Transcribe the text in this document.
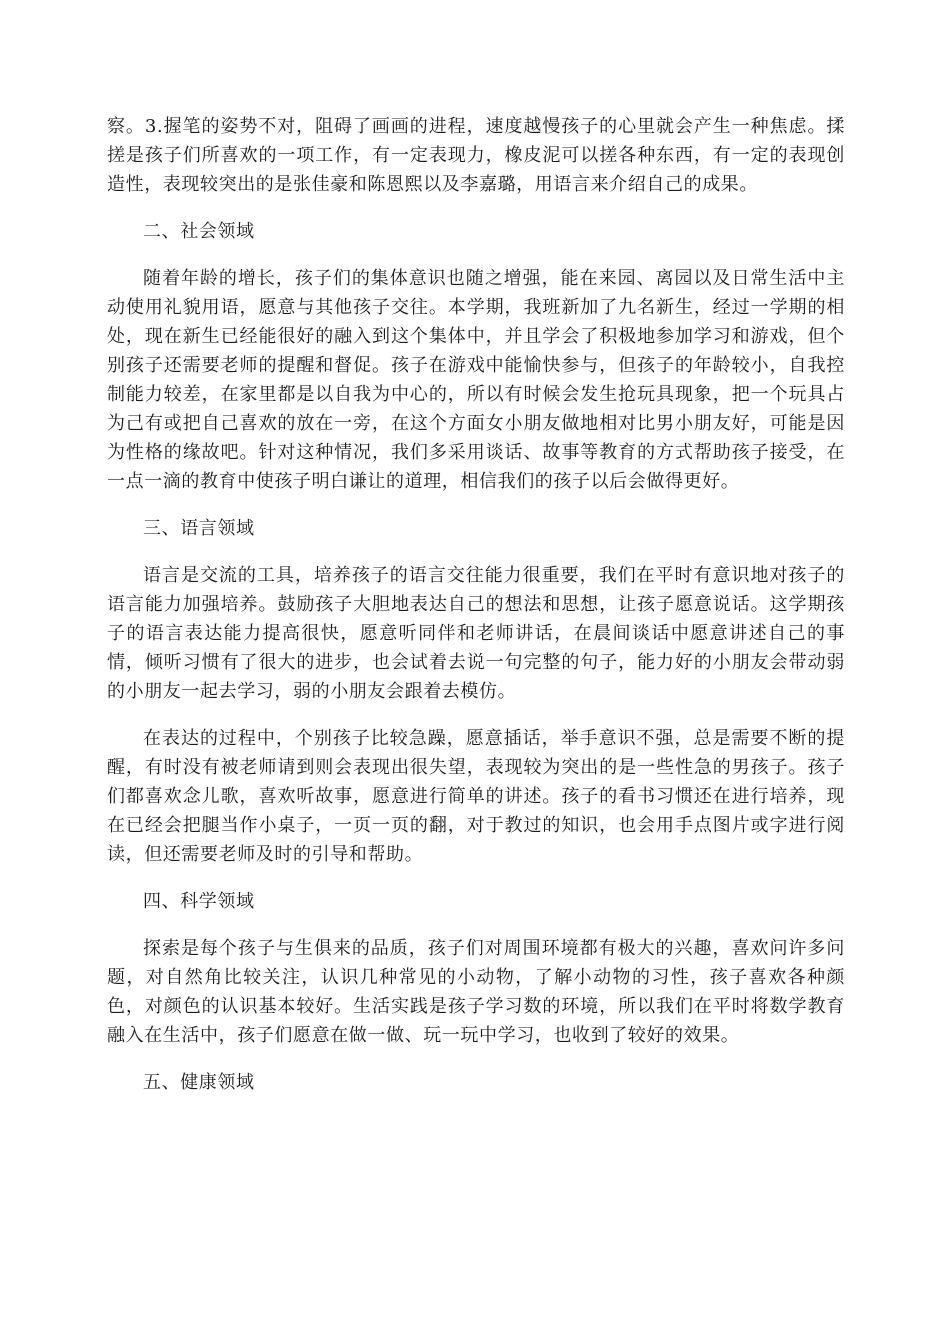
察。3.握笔的姿势不对，阻碍了画画的进程，速度越慢孩子的心里就会产生一种焦虑。揉搓是孩子们所喜欢的一项工作，有一定表现力，橡皮泥可以搓各种东西，有一定的表现创造性，表现较突出的是张佳豪和陈恩熙以及李嘉璐，用语言来介绍自己的成果。

二、社会领域

随着年龄的增长，孩子们的集体意识也随之增强，能在来园、离园以及日常生活中主动使用礼貌用语，愿意与其他孩子交往。本学期，我班新加了九名新生，经过一学期的相处，现在新生已经能很好的融入到这个集体中，并且学会了积极地参加学习和游戏，但个别孩子还需要老师的提醒和督促。孩子在游戏中能愉快参与，但孩子的年龄较小，自我控制能力较差，在家里都是以自我为中心的，所以有时候会发生抢玩具现象，把一个玩具占为己有或把自己喜欢的放在一旁，在这个方面女小朋友做地相对比男小朋友好，可能是因为性格的缘故吧。针对这种情况，我们多采用谈话、故事等教育的方式帮助孩子接受，在一点一滴的教育中使孩子明白谦让的道理，相信我们的孩子以后会做得更好。

三、语言领域

语言是交流的工具，培养孩子的语言交往能力很重要，我们在平时有意识地对孩子的语言能力加强培养。鼓励孩子大胆地表达自己的想法和思想，让孩子愿意说话。这学期孩子的语言表达能力提高很快，愿意听同伴和老师讲话，在晨间谈话中愿意讲述自己的事情，倾听习惯有了很大的进步，也会试着去说一句完整的句子，能力好的小朋友会带动弱的小朋友一起去学习，弱的小朋友会跟着去模仿。

在表达的过程中，个别孩子比较急躁，愿意插话，举手意识不强，总是需要不断的提醒，有时没有被老师请到则会表现出很失望，表现较为突出的是一些性急的男孩子。孩子们都喜欢念儿歌，喜欢听故事，愿意进行简单的讲述。孩子的看书习惯还在进行培养，现在已经会把腿当作小桌子，一页一页的翻，对于教过的知识，也会用手点图片或字进行阅读，但还需要老师及时的引导和帮助。

四、科学领域

探索是每个孩子与生俱来的品质，孩子们对周围环境都有极大的兴趣，喜欢问许多问题，对自然角比较关注，认识几种常见的小动物，了解小动物的习性，孩子喜欢各种颜色，对颜色的认识基本较好。生活实践是孩子学习数的环境，所以我们在平时将数学教育融入在生活中，孩子们愿意在做一做、玩一玩中学习，也收到了较好的效果。

五、健康领域
